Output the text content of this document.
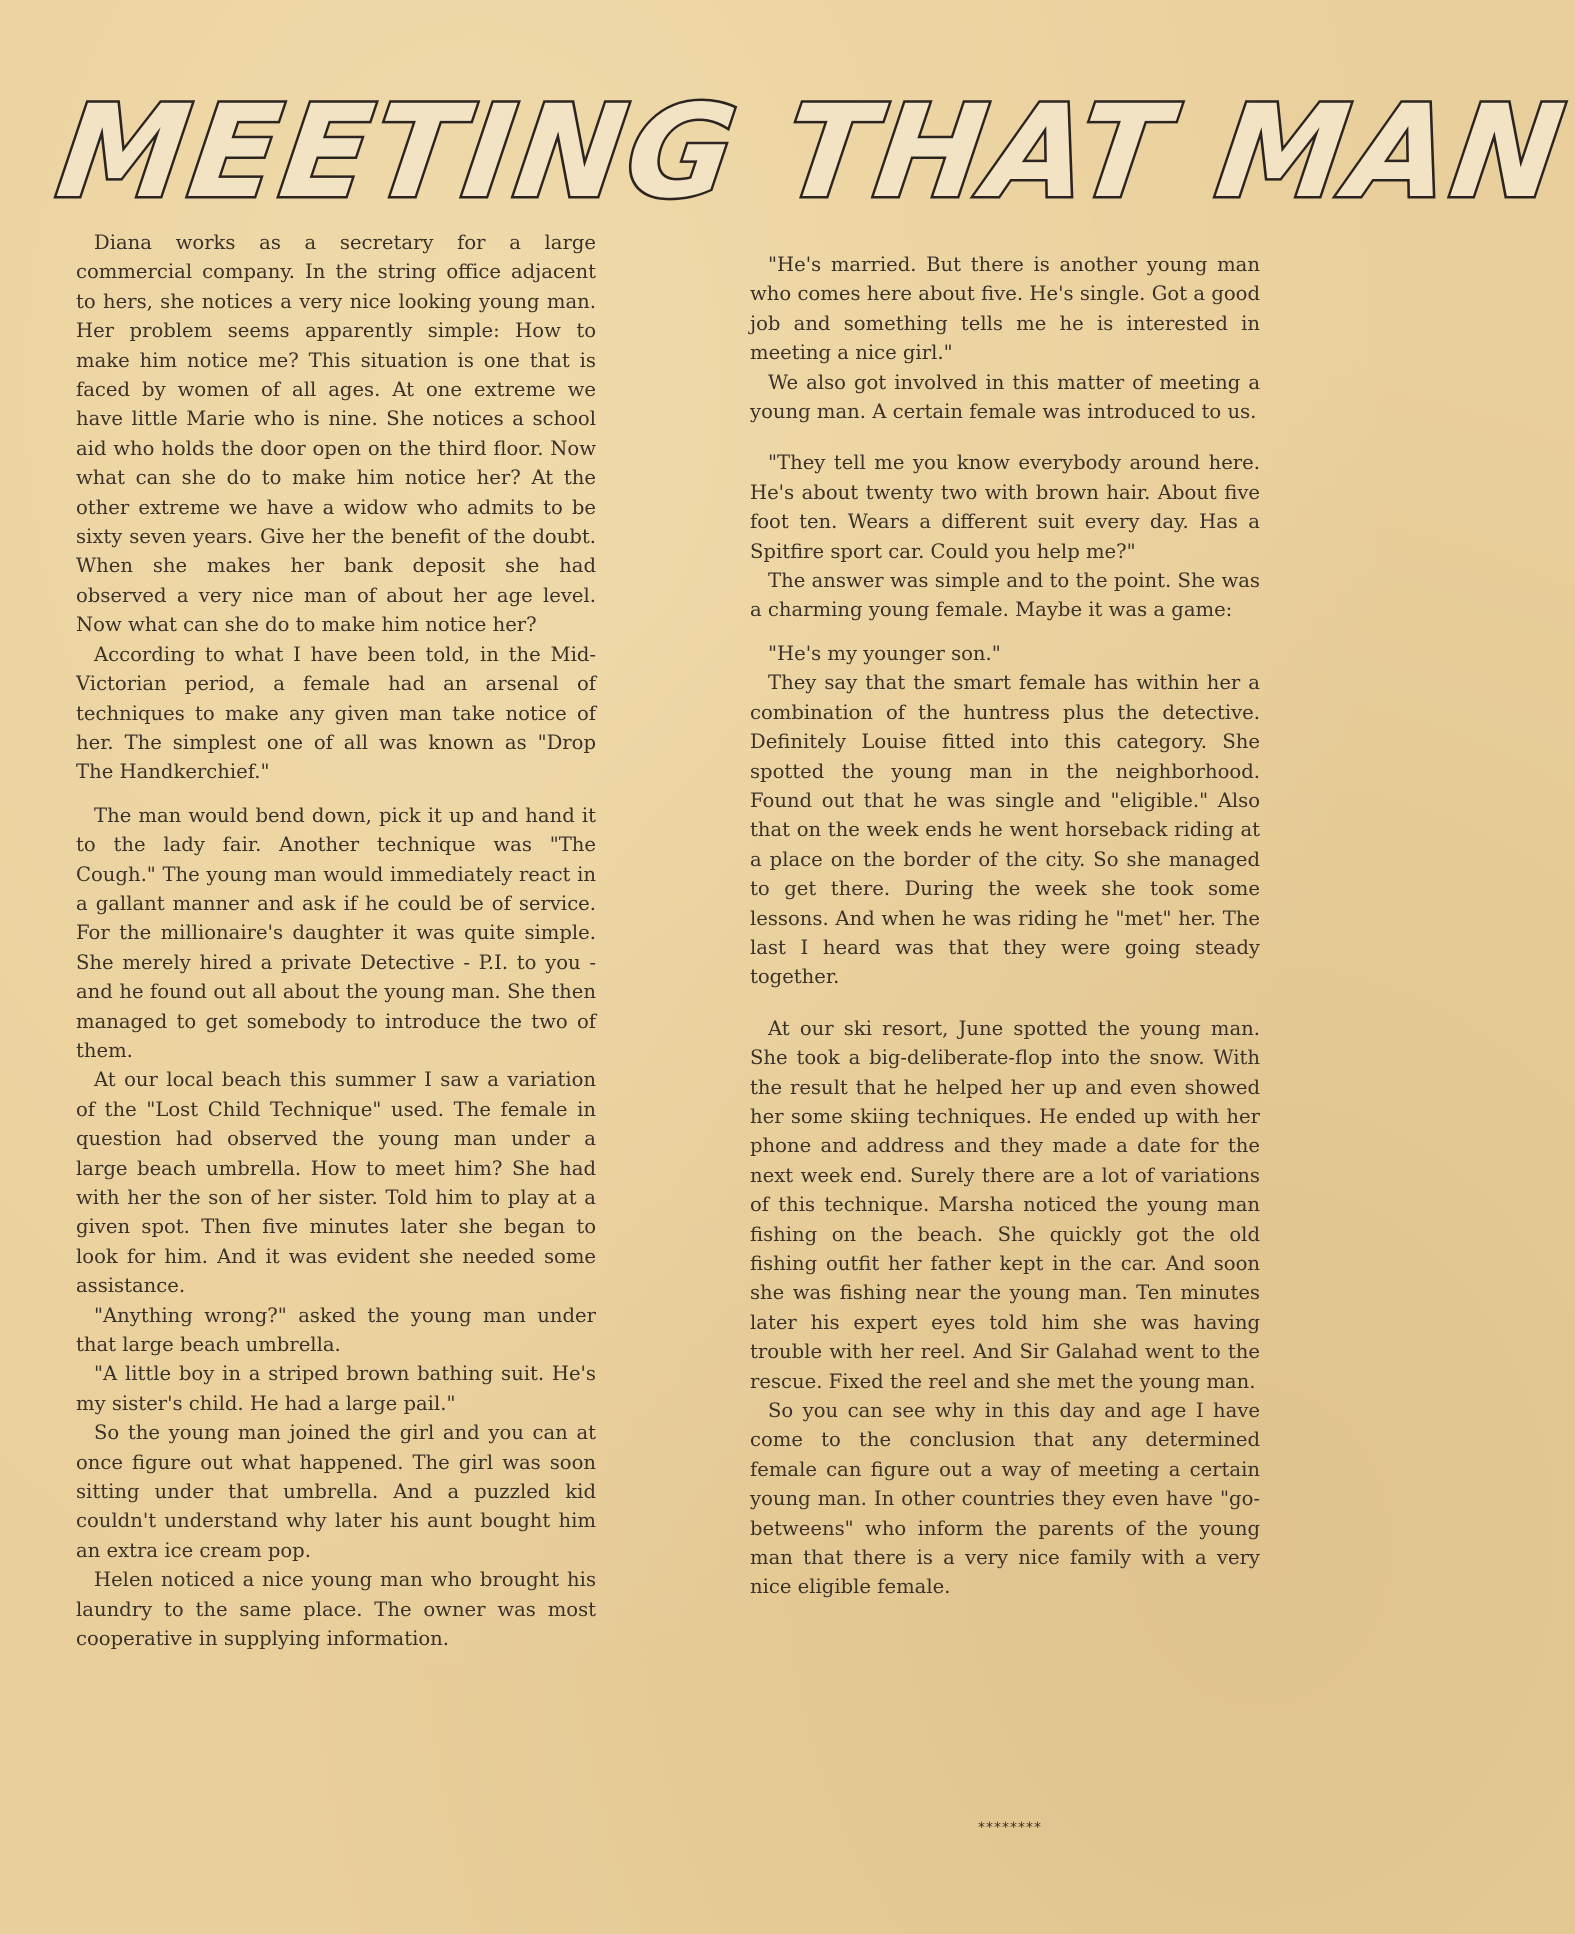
MEETING THAT MAN

Diana works as a secretary for a large commercial company. In the string office adjacent to hers, she notices a very nice looking young man. Her problem seems apparently simple: How to make him notice me? This situation is one that is faced by women of all ages. At one extreme we have little Marie who is nine. She notices a school aid who holds the door open on the third floor. Now what can she do to make him notice her? At the other extreme we have a widow who admits to be sixty seven years. Give her the benefit of the doubt. When she makes her bank deposit she had observed a very nice man of about her age level. Now what can she do to make him notice her?

According to what I have been told, in the Mid-Victorian period, a female had an arsenal of techniques to make any given man take notice of her. The simplest one of all was known as "Drop The Handkerchief."

The man would bend down, pick it up and hand it to the lady fair. Another technique was "The Cough." The young man would immediately react in a gallant manner and ask if he could be of service. For the millionaire's daughter it was quite simple. She merely hired a private Detective - P.I. to you - and he found out all about the young man. She then managed to get somebody to introduce the two of them.

At our local beach this summer I saw a variation of the "Lost Child Technique" used. The female in question had observed the young man under a large beach umbrella. How to meet him? She had with her the son of her sister. Told him to play at a given spot. Then five minutes later she began to look for him. And it was evident she needed some assistance.

"Anything wrong?" asked the young man under that large beach umbrella.

"A little boy in a striped brown bathing suit. He's my sister's child. He had a large pail."

So the young man joined the girl and you can at once figure out what happened. The girl was soon sitting under that umbrella. And a puzzled kid couldn't understand why later his aunt bought him an extra ice cream pop.

Helen noticed a nice young man who brought his laundry to the same place. The owner was most cooperative in supplying information.

"He's married. But there is another young man who comes here about five. He's single. Got a good job and something tells me he is interested in meeting a nice girl."

We also got involved in this matter of meeting a young man. A certain female was introduced to us.

"They tell me you know everybody around here. He's about twenty two with brown hair. About five foot ten. Wears a different suit every day. Has a Spitfire sport car. Could you help me?"

The answer was simple and to the point. She was a charming young female. Maybe it was a game:

"He's my younger son."

They say that the smart female has within her a combination of the huntress plus the detective. Definitely Louise fitted into this category. She spotted the young man in the neighborhood. Found out that he was single and "eligible." Also that on the week ends he went horseback riding at a place on the border of the city. So she managed to get there. During the week she took some lessons. And when he was riding he "met" her. The last I heard was that they were going steady together.

At our ski resort, June spotted the young man. She took a big-deliberate-flop into the snow. With the result that he helped her up and even showed her some skiing techniques. He ended up with her phone and address and they made a date for the next week end. Surely there are a lot of variations of this technique. Marsha noticed the young man fishing on the beach. She quickly got the old fishing outfit her father kept in the car. And soon she was fishing near the young man. Ten minutes later his expert eyes told him she was having trouble with her reel. And Sir Galahad went to the rescue. Fixed the reel and she met the young man.

So you can see why in this day and age I have come to the conclusion that any determined female can figure out a way of meeting a certain young man. In other countries they even have "go-betweens" who inform the parents of the young man that there is a very nice family with a very nice eligible female.

********
